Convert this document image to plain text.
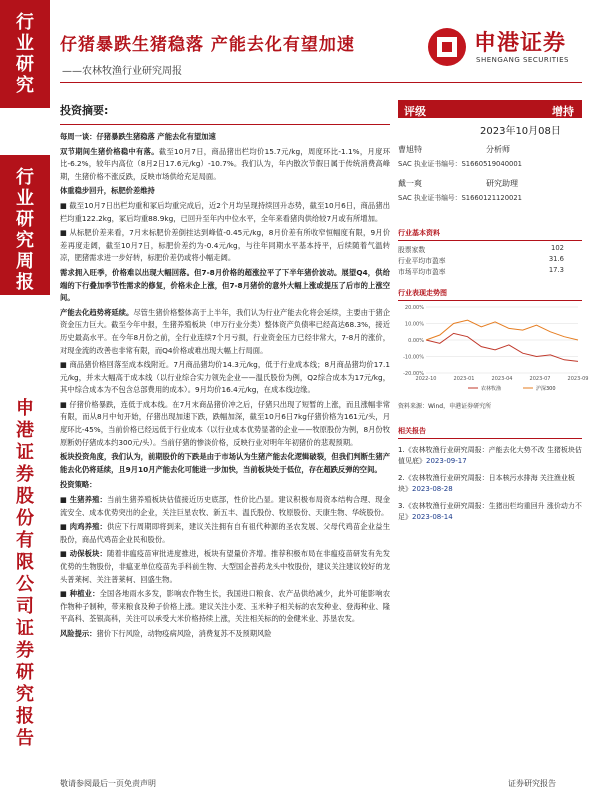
行业研究
行业研究周报
申港证券股份有限公司证券研究报告
仔猪暴跌生猪稳落 产能去化有望加速
——农林牧渔行业研究周报
申港证券
SHENGANG SECURITIES
投资摘要:

每周一谈：仔猪暴跌生猪稳落 产能去化有望加速

双节期间生猪价格稳中有落。截至10月7日，商品猪出栏均价15.7元/kg，周度环比-1.1%，月度环比-6.2%，较年内高位（8月2日17.6元/kg）-10.7%。我们认为，年内散次节假日属于传统消费高峰期，生猪价格不涨反跌，反映市场供给充足局面。

体重稳步回升，标肥价差维持

■ 截至10月7日出栏均重和冢后均重完成后，近2个月均呈现持续回升态势，截至10月6日，商品猪出栏均重122.2kg，冢后均重88.9kg，已回升至年内中位水平，全年来看猪肉供给较7月或有所增加。

■ 从标肥价差来看，7月末标肥价差倒挂达到峰值-0.45元/kg，8月价差有所收窄恒幅度有限，9月价差再度走阔，截至10月7日，标肥价差约为-0.4元/kg，与往年同期水平基本持平，后续随着气温转凉，肥猪需求进一步好转，标肥价差仍或将小幅走阔。

需求拥入旺季，价格难以出现大幅回落。但7-8月价格的超涨拉平了下半年猪价波动。展望Q4，供给端的下行叠加季节性需求的修复，价格未企上涨，但7-8月猪价的意外大幅上涨或提压了后市的上涨空间。

产能去化趋势将延续。尽管生猪价格整体高于上半年，我们认为行业产能去化将会延续，主要由于猪企资金压力巨大。截至今年中报，生猪养殖板块（申万行业分类）整体资产负债率已经高达68.3%，接近历史最高水平。在今年8月份之前，全行业连续7个月亏损，行业资金压力已经非常大，7-8月的涨价，对现金流的改善也非常有限，而Q4价格或难出现大幅上行局面。

■ 商品猪价格回落至成本线附近。7月商品猪均价14.3元/kg，低于行业成本线；8月商品猪均价17.1元/kg，并未大幅高于成本线（以行业综合实力领先企业——温氏股份为例，Q2综合成本为17元/kg，其中综合成本为不包含总部费用的成本）。9月均价16.4元/kg，在成本线边缘。

■ 仔猪价格暴跌，连低于成本线。在7月末商品猪价冲之后，仔猪只出现了短暂的上涨，而且涨幅非常有限，而从8月中旬开始，仔猪出现加速下跌，跌幅加深，截至10月6日7kg仔猪价格为161元/头，月度环比-45%，当前价格已经远低于行业成本（以行业成本优势显著的企业——牧原股份为例，8月份牧原断奶仔猪成本约300元/头）。当前仔猪的惨淡价格，反映行业对明年年初猪价的悲观预期。

板块投资角度，我们认为，前期股价的下跌是由于市场认为生猪产能去化逻辑破裂，但我们判断生猪产能去化仍将延续，且9月10月产能去化可能进一步加快，当前板块处于低位，存在超跌反弹的空间。

投资策略：

■ 生猪养殖：当前生猪养殖板块估值接近历史底部，性价比凸显。建议积极布局资本结构合理、现金流安全、成本优势突出的企业，关注巨星农牧、新五丰、温氏股份、牧原股份、天康生物、华统股份。

■ 肉鸡养殖：供应下行周期即将到来，建议关注拥有自有祖代种源的圣农发展、父母代鸡苗企业益生股份，商品代鸡苗企业民和股份。

■ 动保板块：随着非瘟疫苗审批进度推进，板块有望量价齐增。推荐积极布局在非瘟疫苗研发有先发优势的生物股份，非瘟亚单位疫苗先手科前生物、大型国企普药龙头中牧股份，建议关注建议较好的龙头普莱柯、关注普莱柯、回盛生物。

■ 种植业：全国各地雨水多发，影响农作物生长，我国进口粮食、农产品供给减少，此外可能影响农作物种子制种，带来粮食及种子价格上涨。建议关注小麦、玉米种子相关标的农发种业、登海种业、隆平高科、荃银高科，关注可以承受大米价格持续上涨，关注相关标的的金健米业、苏垦农发。

风险提示：猪价下行风险，动物疫病风险，消费复苏不及预期风险

评级	增持
2023年10月08日
曹旭特	分析师
SAC 执业证书编号：S1660519040001
戴一爽	研究助理
SAC 执业证书编号：S1660121120021
行业基本资料
股票家数	102
行业平均市盈率	31.6
市场平均市盈率	17.3
行业表现走势图
20.00%
10.00%
0.00%
-10.00%
-20.00%
2022-10	2023-01	2023-04	2023-07	2023-09
农林牧渔	沪深300
资料来源：Wind，申港证券研究所
相关报告
1.《农林牧渔行业研究周报：产能去化大势不改 生猪板块估值见底》2023-09-17
2.《农林牧渔行业研究周报：日本核污水排海 关注渔业板块》2023-08-28
3.《农林牧渔行业研究周报：生猪出栏均重回升 涨价动力不足》2023-08-14
敬请参阅最后一页免责声明	证券研究报告
